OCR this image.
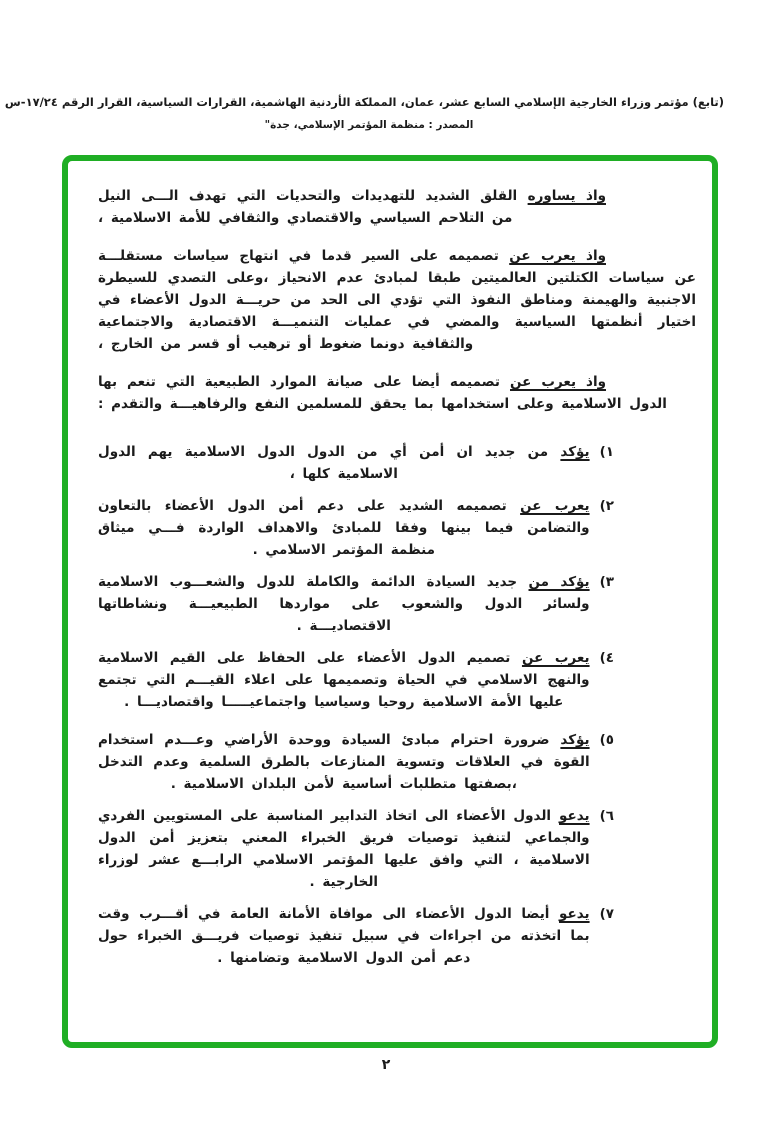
(تابع) مؤتمر وزراء الخارجية الإسلامي السابع عشر، عمان، المملكة الأردنية الهاشمية، القرارات السياسية، القرار الرقم ١٧/٢٤-س
المصدر : منظمة المؤتمر الإسلامي، جدة"

واذ يساوره القلق الشديد للتهديدات والتحديات التي تهدف الـــى النيل من التلاحم السياسي والاقتصادي والثقافي للأمة الاسلامية ،

واذ يعرب عن تصميمه على السير قدما في انتهاج سياسات مستقلـــة عن سياسات الكتلتين العالميتين طبقا لمبادئ عدم الانحياز ،وعلى التصدي للسيطرة الاجنبية والهيمنة ومناطق النفوذ التي تؤدي الى الحد من حريـــة الدول الأعضاء في اختيار أنظمتها السياسية والمضي في عمليات التنميـــة الاقتصادية والاجتماعية والثقافية دونما ضغوط أو ترهيب أو قسر من الخارج ،

واذ يعرب عن تصميمه أيضا على صيانة الموارد الطبيعية التي تنعم بها الدول الاسلامية وعلى استخدامها بما يحقق للمسلمين النفع والرفاهيـــة والتقدم :

١)
يؤكد من جديد ان أمن أي من الدول الدول الاسلامية يهم الدول الاسلامية كلها ،
٢)
يعرب عن تصميمه الشديد على دعم أمن الدول الأعضاء بالتعاون والتضامن فيما بينها وفقا للمبادئ والاهداف الواردة فـــي ميثاق منظمة المؤتمر الاسلامي .
٣)
يؤكد من جديد السيادة الدائمة والكاملة للدول والشعـــوب الاسلامية ولسائر الدول والشعوب على مواردها الطبيعيـــة ونشاطاتها الاقتصاديـــة .
٤)
يعرب عن تصميم الدول الأعضاء على الحفاظ على القيم الاسلامية والنهج الاسلامي في الحياة وتصميمها على اعلاء القيـــم التي تجتمع عليها الأمة الاسلامية روحيا وسياسيا واجتماعيـــــا واقتصاديـــا .
٥)
يؤكد ضرورة احترام مبادئ السيادة ووحدة الأراضي وعـــدم استخدام القوة في العلاقات وتسوية المنازعات بالطرق السلمية وعدم التدخل ،بصفتها متطلبات أساسية لأمن البلدان الاسلامية .
٦)
يدعو الدول الأعضاء الى اتخاذ التدابير المناسبة على المستويين الفردي والجماعي لتنفيذ توصيات فريق الخبراء المعني بتعزيز أمن الدول الاسلامية ، التي وافق عليها المؤتمر الاسلامي الرابـــع عشر لوزراء الخارجية .
٧)
يدعو أيضا الدول الأعضاء الى موافاة الأمانة العامة في أقـــرب وقت بما اتخذته من اجراءات في سبيل تنفيذ توصيات فريـــق الخبراء حول دعم أمن الدول الاسلامية وتضامنها .
٢
